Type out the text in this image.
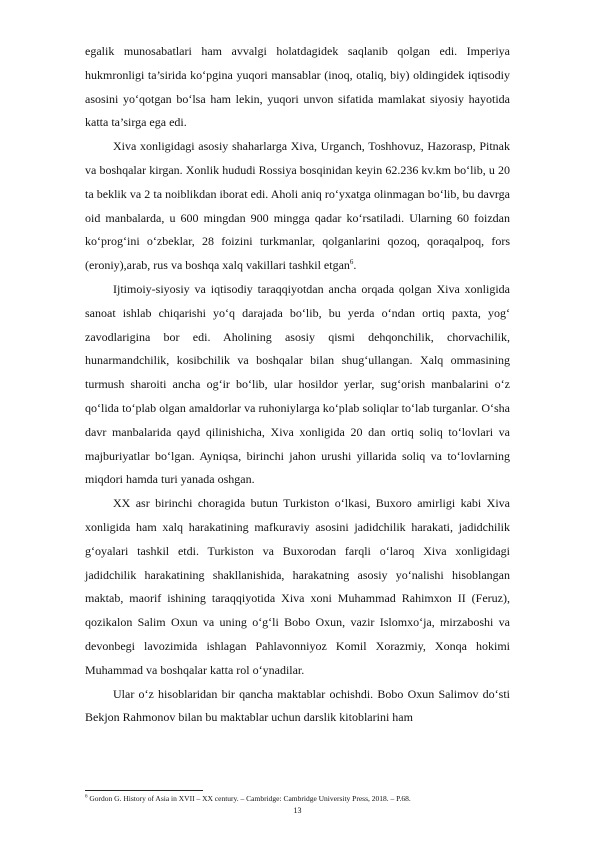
egalik munosabatlari ham avvalgi holatdagidek saqlanib qolgan edi. Imperiya hukmronligi ta’sirida ko‘pgina yuqori mansablar (inoq, otaliq, biy) oldingidek iqtisodiy asosini yo‘qotgan bo‘lsa ham lekin, yuqori unvon sifatida mamlakat siyosiy hayotida katta ta’sirga ega edi.

Xiva xonligidagi asosiy shaharlarga Xiva, Urganch, Toshhovuz, Hazorasp, Pitnak va boshqalar kirgan. Xonlik hududi Rossiya bosqinidan keyin 62.236 kv.km bo‘lib, u 20 ta beklik va 2 ta noiblikdan iborat edi. Aholi aniq ro‘yxatga olinmagan bo‘lib, bu davrga oid manbalarda, u 600 mingdan 900 mingga qadar ko‘rsatiladi. Ularning 60 foizdan ko‘prog‘ini o‘zbeklar, 28 foizini turkmanlar, qolganlarini qozoq, qoraqalpoq, fors (eroniy),arab, rus va boshqa xalq vakillari tashkil etgan$^6$.

Ijtimoiy-siyosiy va iqtisodiy taraqqiyotdan ancha orqada qolgan Xiva xonligida sanoat ishlab chiqarishi yo‘q darajada bo‘lib, bu yerda o‘ndan ortiq paxta, yog‘ zavodlarigina bor edi. Aholining asosiy qismi dehqonchilik, chorvachilik, hunarmandchilik, kosibchilik va boshqalar bilan shug‘ullangan. Xalq ommasining turmush sharoiti ancha og‘ir bo‘lib, ular hosildor yerlar, sug‘orish manbalarini o‘z qo‘lida to‘plab olgan amaldorlar va ruhoniylarga ko‘plab soliqlar to‘lab turganlar. O‘sha davr manbalarida qayd qilinishicha, Xiva xonligida 20 dan ortiq soliq to‘lovlari va majburiyatlar bo‘lgan. Ayniqsa, birinchi jahon urushi yillarida soliq va to‘lovlarning miqdori hamda turi yanada oshgan.

XX asr birinchi choragida butun Turkiston o‘lkasi, Buxoro amirligi kabi Xiva xonligida ham xalq harakatining mafkuraviy asosini jadidchilik harakati, jadidchilik g‘oyalari tashkil etdi. Turkiston va Buxorodan farqli o‘laroq Xiva xonligidagi jadidchilik harakatining shakllanishida, harakatning asosiy yo‘nalishi hisoblangan maktab, maorif ishining taraqqiyotida Xiva xoni Muhammad Rahimxon II (Feruz), qozikalon Salim Oxun va uning o‘g‘li Bobo Oxun, vazir Islomxo‘ja, mirzaboshi va devonbegi lavozimida ishlagan Pahlavonniyoz Komil Xorazmiy, Xonqa hokimi Muhammad va boshqalar katta rol o‘ynadilar.

Ular o‘z hisoblaridan bir qancha maktablar ochishdi. Bobo Oxun Salimov do‘sti Bekjon Rahmonov bilan bu maktablar uchun darslik kitoblarini ham

$^6$ Gordon G. History of Asia in XVII – XX century. – Cambridge: Cambridge University Press, 2018. – P.68.
13
